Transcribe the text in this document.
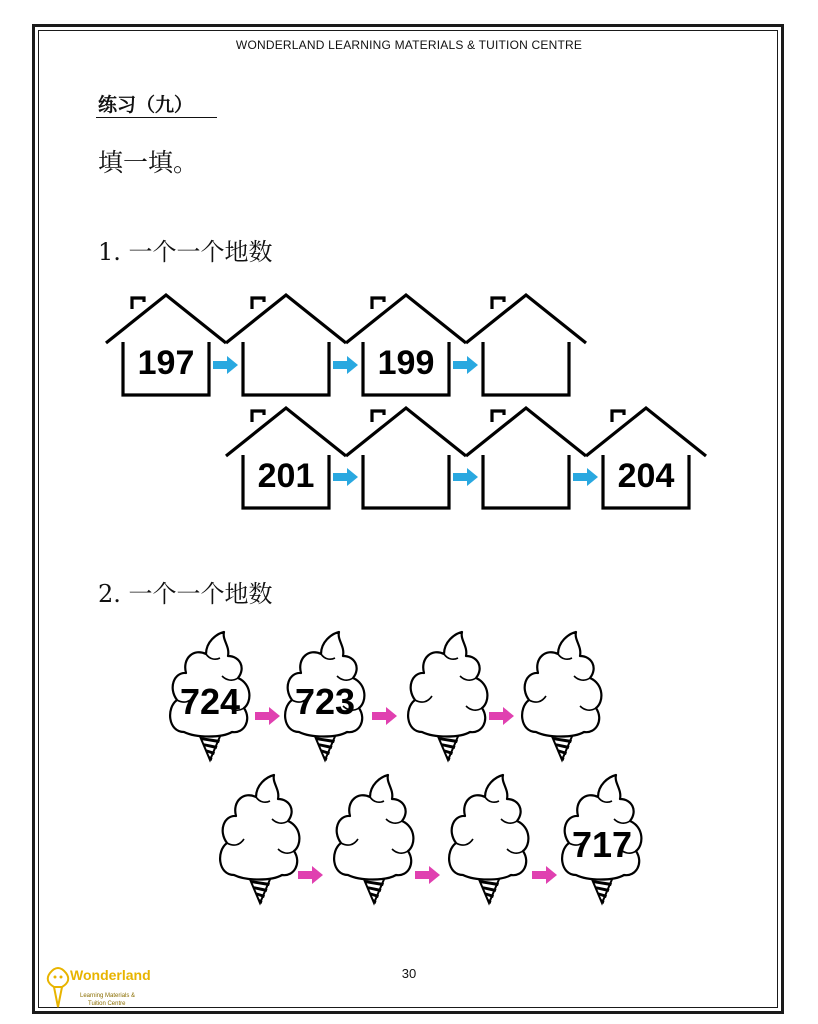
WONDERLAND LEARNING MATERIALS & TUITION CENTRE
练习（九）
填一填。
1. 一个一个地数
2. 一个一个地数
197	199
201	204
724 723
717
30
Wonderland
Learning Materials &
Tuition Centre
